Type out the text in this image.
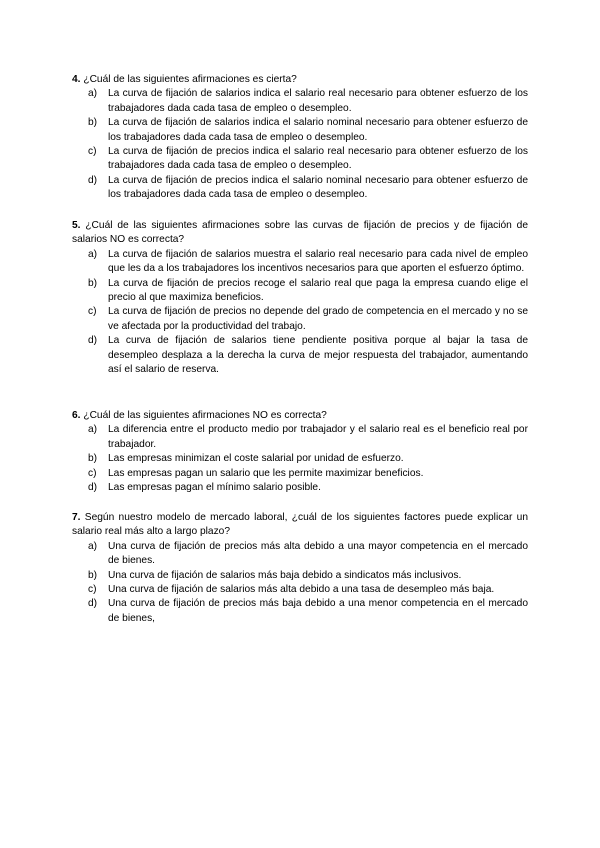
4. ¿Cuál de las siguientes afirmaciones es cierta?

a) La curva de fijación de salarios indica el salario real necesario para obtener esfuerzo de los trabajadores dada cada tasa de empleo o desempleo.
b) La curva de fijación de salarios indica el salario nominal necesario para obtener esfuerzo de los trabajadores dada cada tasa de empleo o desempleo.
c) La curva de fijación de precios indica el salario real necesario para obtener esfuerzo de los trabajadores dada cada tasa de empleo o desempleo.
d) La curva de fijación de precios indica el salario nominal necesario para obtener esfuerzo de los trabajadores dada cada tasa de empleo o desempleo.

5. ¿Cuál de las siguientes afirmaciones sobre las curvas de fijación de precios y de fijación de salarios NO es correcta?

a) La curva de fijación de salarios muestra el salario real necesario para cada nivel de empleo que les da a los trabajadores los incentivos necesarios para que aporten el esfuerzo óptimo.
b) La curva de fijación de precios recoge el salario real que paga la empresa cuando elige el precio al que maximiza beneficios.
c) La curva de fijación de precios no depende del grado de competencia en el mercado y no se ve afectada por la productividad del trabajo.
d) La curva de fijación de salarios tiene pendiente positiva porque al bajar la tasa de desempleo desplaza a la derecha la curva de mejor respuesta del trabajador, aumentando así el salario de reserva.

6. ¿Cuál de las siguientes afirmaciones NO es correcta?

a) La diferencia entre el producto medio por trabajador y el salario real es el beneficio real por trabajador.
b) Las empresas minimizan el coste salarial por unidad de esfuerzo.
c) Las empresas pagan un salario que les permite maximizar beneficios.
d) Las empresas pagan el mínimo salario posible.

7. Según nuestro modelo de mercado laboral, ¿cuál de los siguientes factores puede explicar un salario real más alto a largo plazo?

a) Una curva de fijación de precios más alta debido a una mayor competencia en el mercado de bienes.
b) Una curva de fijación de salarios más baja debido a sindicatos más inclusivos.
c) Una curva de fijación de salarios más alta debido a una tasa de desempleo más baja.
d) Una curva de fijación de precios más baja debido a una menor competencia en el mercado de bienes,
